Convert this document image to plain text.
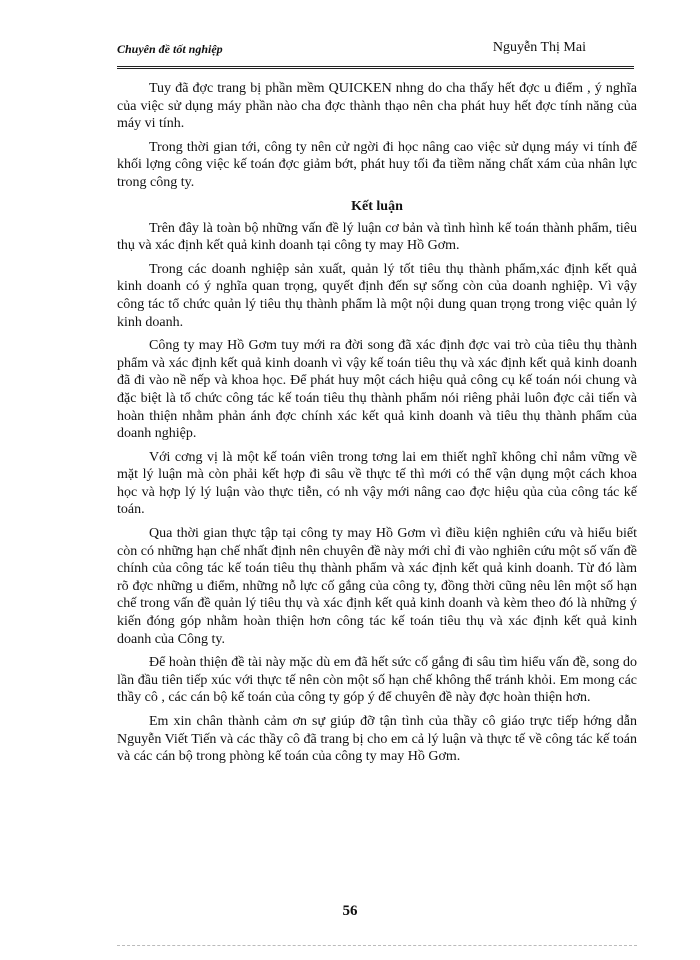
Chuyên đề tốt nghiệp	Nguyễn Thị Mai

Tuy đã đợc trang bị phần mềm QUICKEN nhng do cha thấy hết đợc u điểm , ý nghĩa của việc sử dụng máy phần nào cha đợc thành thạo nên cha phát huy hết đợc tính năng của máy vi tính.

Trong thời gian tới, công ty nên cử ngời đi học nâng cao việc sử dụng máy vi tính để khối lợng công việc kế toán đợc giảm bớt, phát huy tối đa tiềm năng chất xám của nhân lực trong công ty.

Kết luận

Trên đây là toàn bộ những vấn đề lý luận cơ bản và tình hình kế toán thành phẩm, tiêu thụ và xác định kết quả kinh doanh tại công ty may Hồ Gơm.

Trong các doanh nghiệp sản xuất, quản lý tốt tiêu thụ thành phẩm,xác định kết quả kinh doanh có ý nghĩa quan trọng, quyết định đến sự sống còn của doanh nghiệp. Vì vậy công tác tổ chức quản lý tiêu thụ thành phẩm là một nội dung quan trọng trong việc quản lý kinh doanh.

Công ty may Hồ Gơm tuy mới ra đời song đã xác định đợc vai trò của tiêu thụ thành phẩm và xác định kết quả kinh doanh vì vậy kế toán tiêu thụ và xác định kết quả kinh doanh đã đi vào nề nếp và khoa học. Để phát huy một cách hiệu quả công cụ kế toán nói chung và đặc biệt là tổ chức công tác kế toán tiêu thụ thành phẩm nói riêng phải luôn đợc cải tiến và hoàn thiện nhằm phản ánh đợc chính xác kết quả kinh doanh và tiêu thụ thành phẩm của doanh nghiệp.

Với cơng vị là một kế toán viên trong tơng lai em thiết nghĩ không chỉ nắm vững về mặt lý luận mà còn phải kết hợp đi sâu về thực tế thì mới có thể vận dụng một cách khoa học và hợp lý lý luận vào thực tiễn, có nh vậy mới nâng cao đợc hiệu qủa của công tác kế toán.

Qua thời gian thực tập tại công ty may Hồ Gơm vì điều kiện nghiên cứu và hiểu biết còn có những hạn chế nhất định nên chuyên đề này mới chỉ đi vào nghiên cứu một số vấn đề chính của công tác kế toán tiêu thụ thành phẩm và xác định kết quả kinh doanh. Từ đó làm rõ đợc những u điểm, những nỗ lực cố gắng của công ty, đồng thời cũng nêu lên một số hạn chế trong vấn đề quản lý tiêu thụ và xác định kết quả kinh doanh và kèm theo đó là những ý kiến đóng góp nhằm hoàn thiện hơn công tác kế toán tiêu thụ và xác định kết quả kinh doanh của Công ty.

Để hoàn thiện đề tài này mặc dù em đã hết sức cố gắng đi sâu tìm hiểu vấn đề, song do lần đầu tiên tiếp xúc với thực tế nên còn một số hạn chế không thể tránh khỏi. Em mong các thầy cô , các cán bộ kế toán của công ty góp ý để chuyên đề này đợc hoàn thiện hơn.

Em xin chân thành cảm ơn sự giúp đỡ tận tình của thầy cô giáo trực tiếp hớng dẫn Nguyễn Viết Tiến và các thầy cô đã trang bị cho em cả lý luận và thực tế về công tác kế toán và các cán bộ trong phòng kế toán của công ty may Hồ Gơm.

56
